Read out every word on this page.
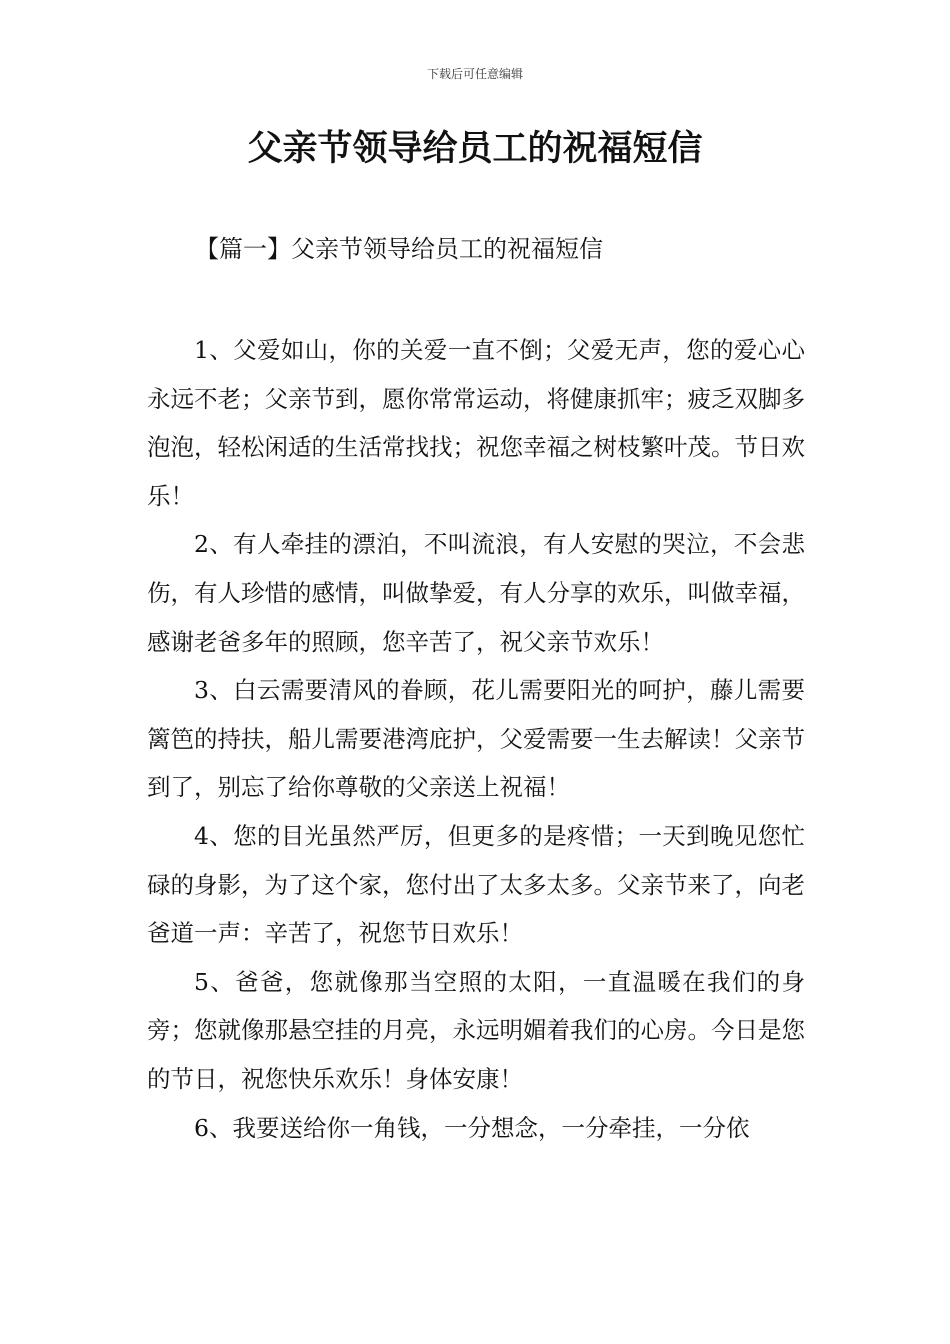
下载后可任意编辑
父亲节领导给员工的祝福短信
【篇一】父亲节领导给员工的祝福短信

1、父爱如山，你的关爱一直不倒；父爱无声，您的爱心心永远不老；父亲节到，愿你常常运动，将健康抓牢；疲乏双脚多泡泡，轻松闲适的生活常找找；祝您幸福之树枝繁叶茂。节日欢乐！

2、有人牵挂的漂泊，不叫流浪，有人安慰的哭泣，不会悲伤，有人珍惜的感情，叫做挚爱，有人分享的欢乐，叫做幸福，感谢老爸多年的照顾，您辛苦了，祝父亲节欢乐！

3、白云需要清风的眷顾，花儿需要阳光的呵护，藤儿需要篱笆的持扶，船儿需要港湾庇护，父爱需要一生去解读！父亲节到了，别忘了给你尊敬的父亲送上祝福！

4、您的目光虽然严厉，但更多的是疼惜；一天到晚见您忙碌的身影，为了这个家，您付出了太多太多。父亲节来了，向老爸道一声：辛苦了，祝您节日欢乐！

5、爸爸，您就像那当空照的太阳，一直温暖在我们的身旁；您就像那悬空挂的月亮，永远明媚着我们的心房。今日是您的节日，祝您快乐欢乐！身体安康！

6、我要送给你一角钱，一分想念，一分牵挂，一分依
